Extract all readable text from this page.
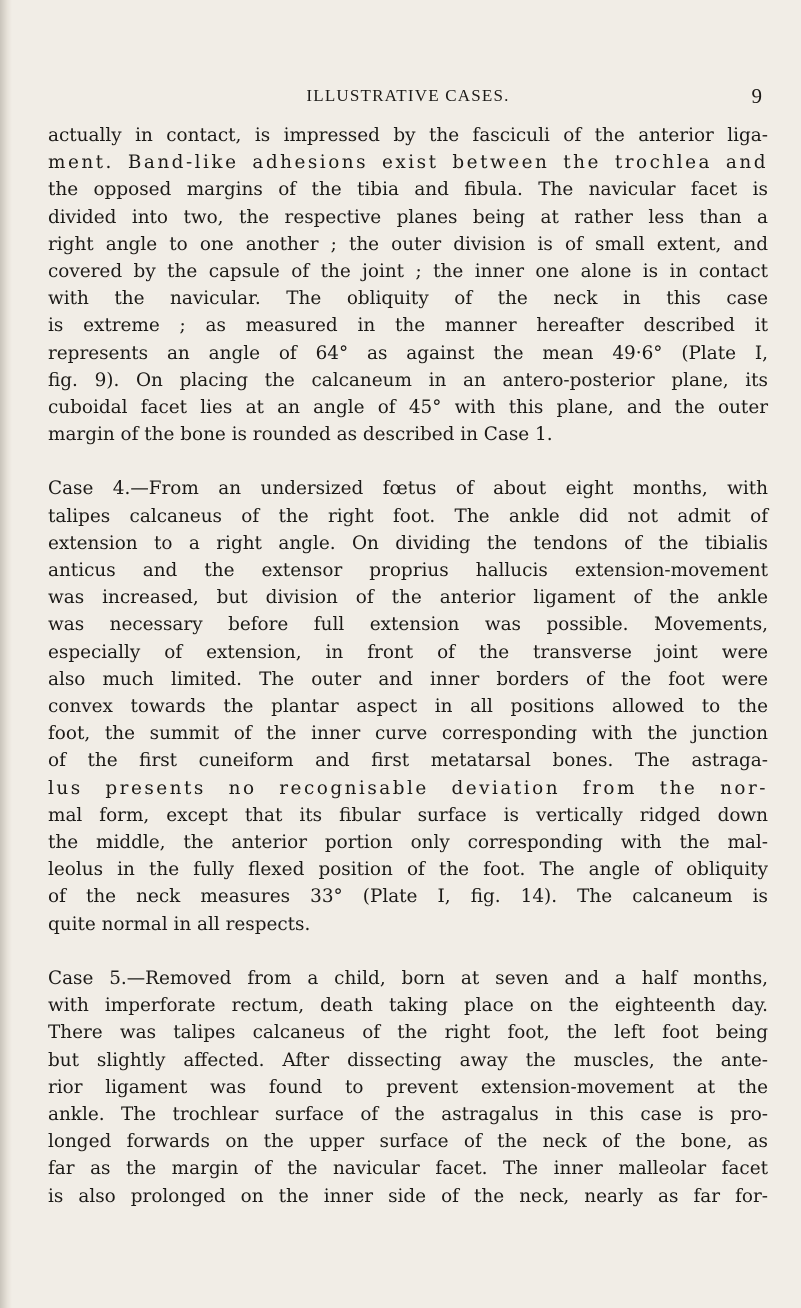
ILLUSTRATIVE CASES.	9

actually in contact, is impressed by the fasciculi of the anterior liga-
ment. Band-like adhesions exist between the trochlea and
the opposed margins of the tibia and fibula. The navicular facet is
divided into two, the respective planes being at rather less than a
right angle to one another ; the outer division is of small extent, and
covered by the capsule of the joint ; the inner one alone is in contact
with the navicular. The obliquity of the neck in this case
is extreme ; as measured in the manner hereafter described it
represents an angle of 64° as against the mean 49·6° (Plate I,
fig. 9). On placing the calcaneum in an antero-posterior plane, its
cuboidal facet lies at an angle of 45° with this plane, and the outer
margin of the bone is rounded as described in Case 1.

Case 4.—From an undersized fœtus of about eight months, with
talipes calcaneus of the right foot. The ankle did not admit of
extension to a right angle. On dividing the tendons of the tibialis
anticus and the extensor proprius hallucis extension-movement
was increased, but division of the anterior ligament of the ankle
was necessary before full extension was possible. Movements,
especially of extension, in front of the transverse joint were
also much limited. The outer and inner borders of the foot were
convex towards the plantar aspect in all positions allowed to the
foot, the summit of the inner curve corresponding with the junction
of the first cuneiform and first metatarsal bones. The astraga-
lus presents no recognisable deviation from the nor-
mal form, except that its fibular surface is vertically ridged down
the middle, the anterior portion only corresponding with the mal-
leolus in the fully flexed position of the foot. The angle of obliquity
of the neck measures 33° (Plate I, fig. 14). The calcaneum is
quite normal in all respects.

Case 5.—Removed from a child, born at seven and a half months,
with imperforate rectum, death taking place on the eighteenth day.
There was talipes calcaneus of the right foot, the left foot being
but slightly affected. After dissecting away the muscles, the ante-
rior ligament was found to prevent extension-movement at the
ankle. The trochlear surface of the astragalus in this case is pro-
longed forwards on the upper surface of the neck of the bone, as
far as the margin of the navicular facet. The inner malleolar facet
is also prolonged on the inner side of the neck, nearly as far for-
